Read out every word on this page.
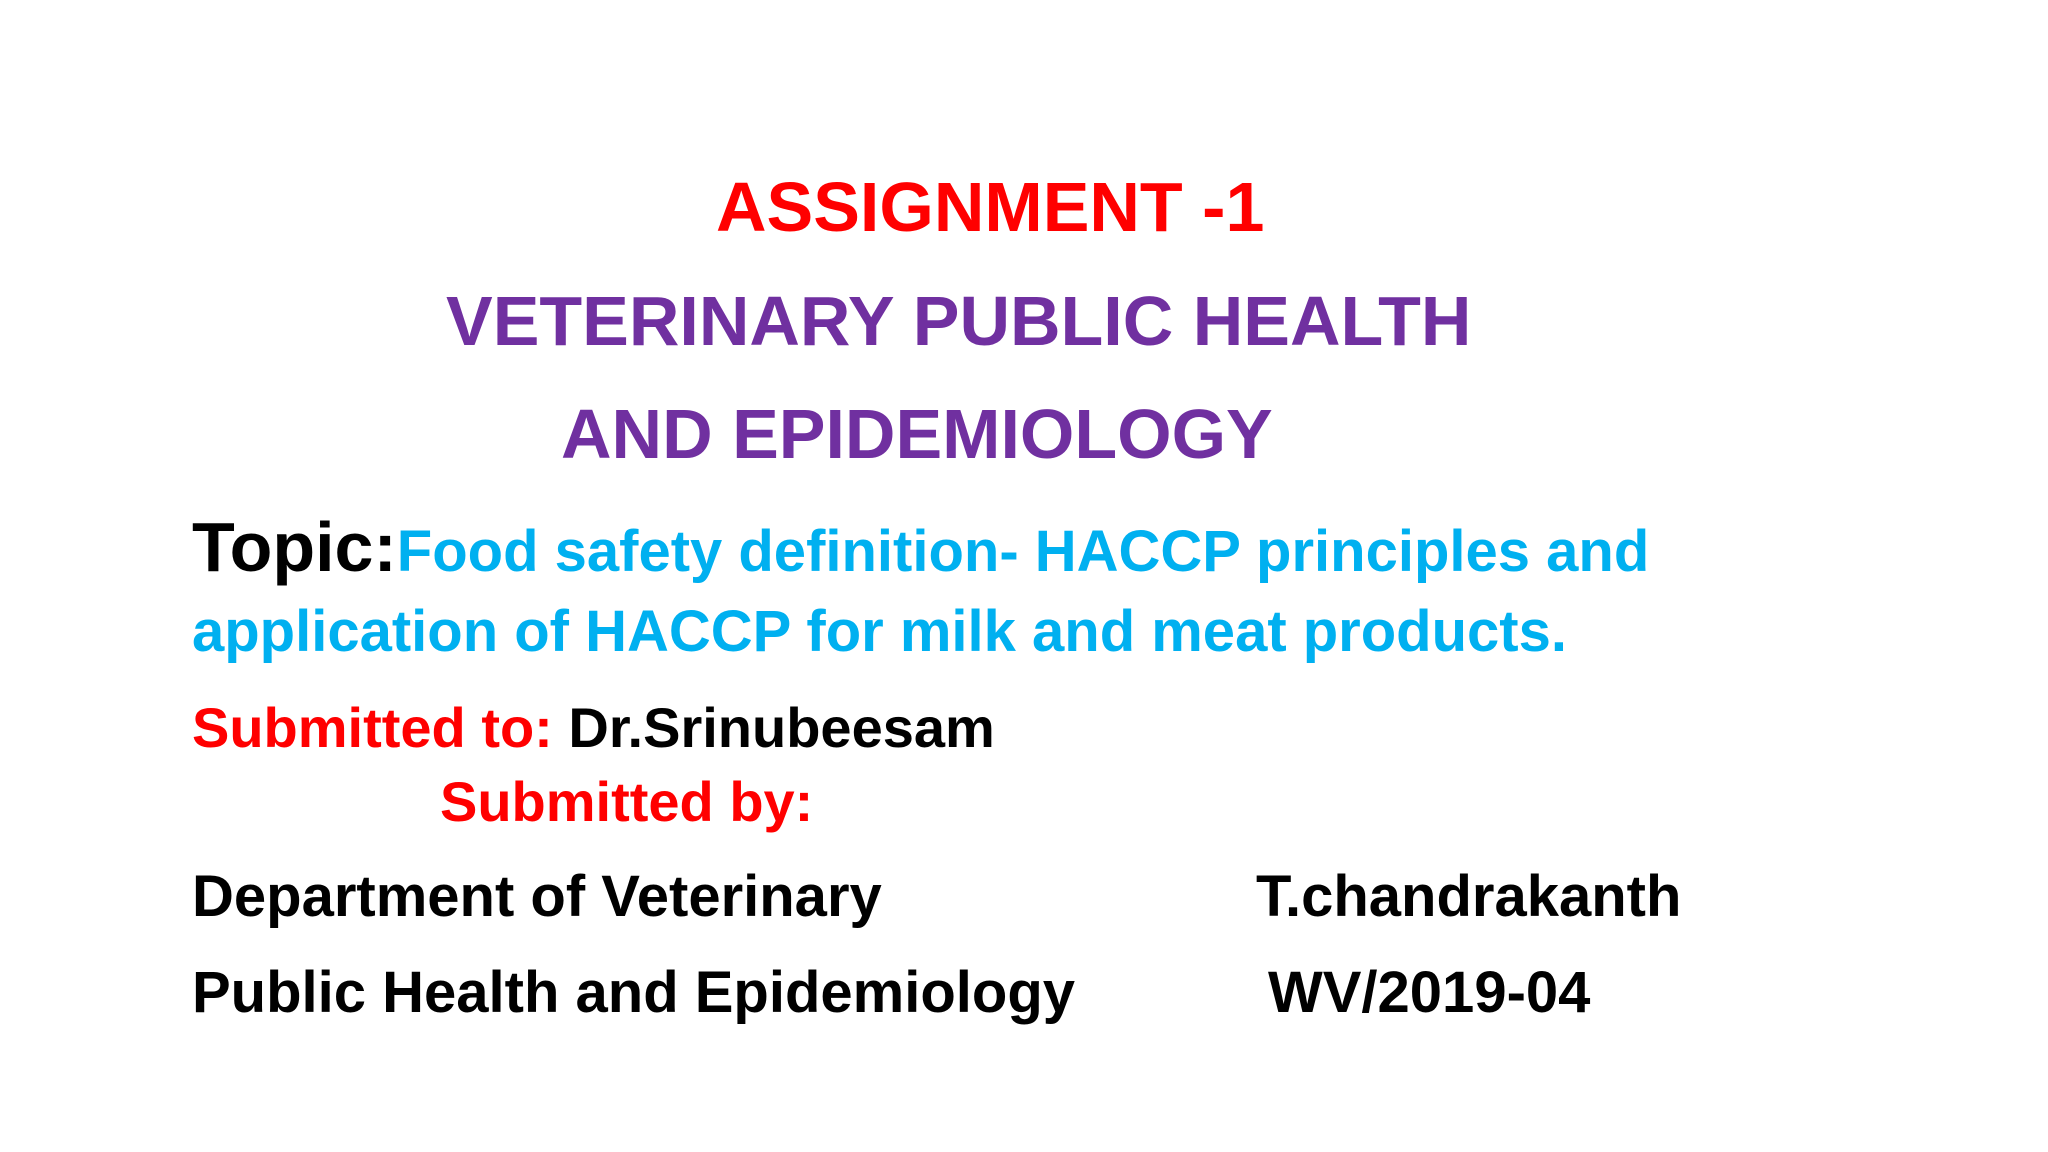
ASSIGNMENT -1
VETERINARY PUBLIC HEALTH
AND EPIDEMIOLOGY
Topic:Food safety definition- HACCP principles and
application of HACCP for milk and meat products.
Submitted to: Dr.Srinubeesam
Submitted by:
Department of Veterinary	T.chandrakanth
Public Health and Epidemiology	WV/2019-04
